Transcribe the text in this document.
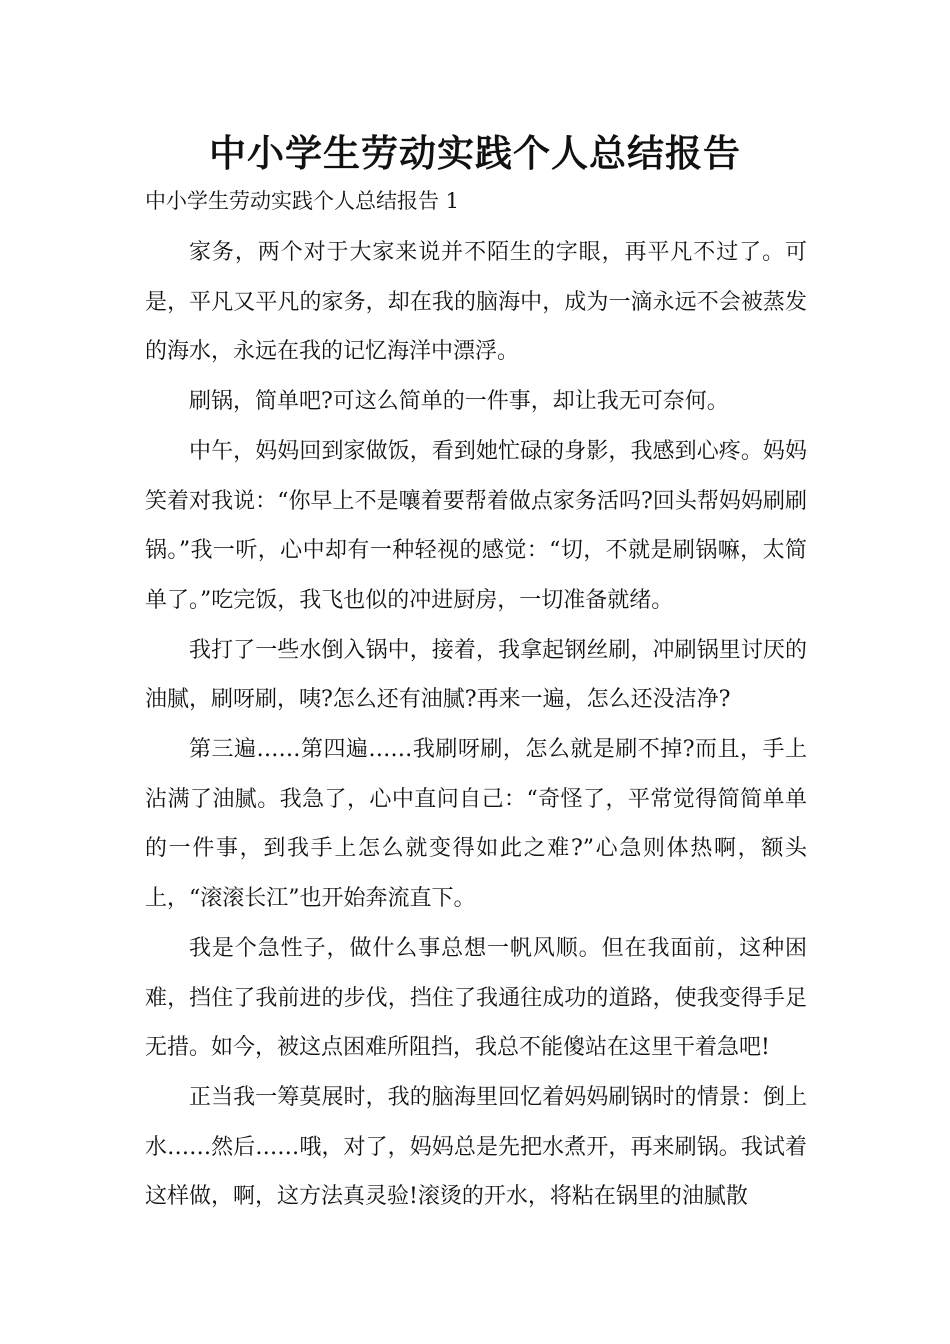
中小学生劳动实践个人总结报告

中小学生劳动实践个人总结报告 1

家务，两个对于大家来说并不陌生的字眼，再平凡不过了。可是，平凡又平凡的家务，却在我的脑海中，成为一滴永远不会被蒸发的海水，永远在我的记忆海洋中漂浮。

刷锅，简单吧?可这么简单的一件事，却让我无可奈何。

中午，妈妈回到家做饭，看到她忙碌的身影，我感到心疼。妈妈笑着对我说：“你早上不是嚷着要帮着做点家务活吗?回头帮妈妈刷刷锅。”我一听，心中却有一种轻视的感觉：“切，不就是刷锅嘛，太简单了。”吃完饭，我飞也似的冲进厨房，一切准备就绪。

我打了一些水倒入锅中，接着，我拿起钢丝刷，冲刷锅里讨厌的油腻，刷呀刷，咦?怎么还有油腻?再来一遍，怎么还没洁净?

第三遍……第四遍……我刷呀刷，怎么就是刷不掉?而且，手上沾满了油腻。我急了，心中直问自己：“奇怪了，平常觉得简简单单的一件事，到我手上怎么就变得如此之难?”心急则体热啊，额头上，“滚滚长江”也开始奔流直下。

我是个急性子，做什么事总想一帆风顺。但在我面前，这种困难，挡住了我前进的步伐，挡住了我通往成功的道路，使我变得手足无措。如今，被这点困难所阻挡，我总不能傻站在这里干着急吧!

正当我一筹莫展时，我的脑海里回忆着妈妈刷锅时的情景：倒上水……然后……哦，对了，妈妈总是先把水煮开，再来刷锅。我试着这样做，啊，这方法真灵验!滚烫的开水，将粘在锅里的油腻散
